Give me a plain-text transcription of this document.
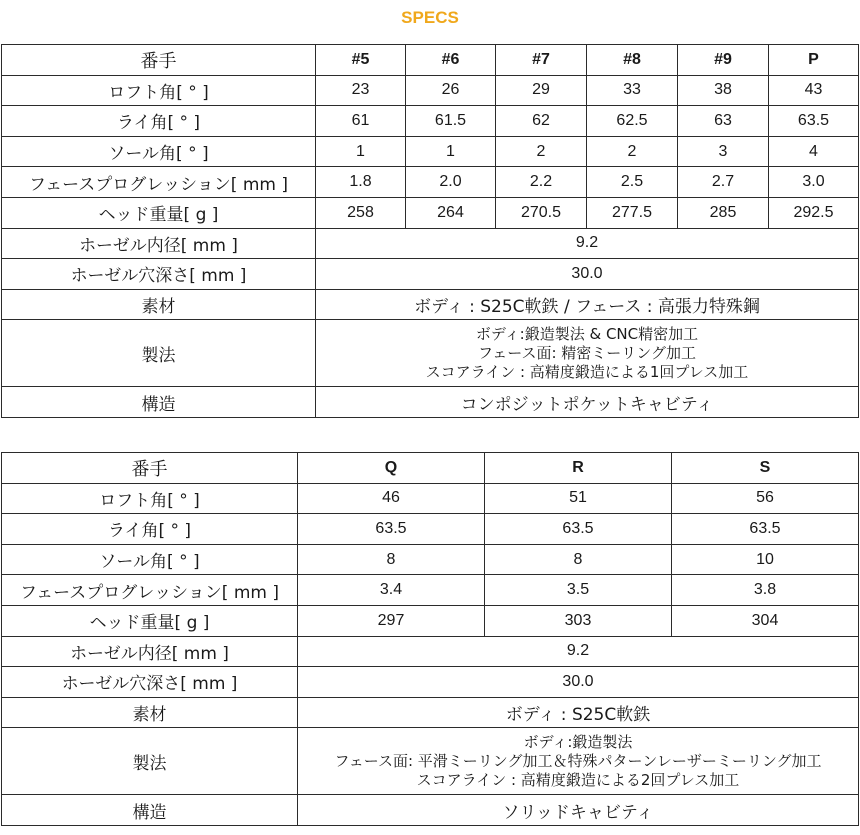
SPECS
番手	#5	#6	#7	#8	#9	P
ロフト角[ ° ]	23	26	29	33	38	43
ライ角[ ° ]	61	61.5	62	62.5	63	63.5
ソール角[ ° ]	1	1	2	2	3	4
フェースプログレッション[ mm ]	1.8	2.0	2.2	2.5	2.7	3.0
ヘッド重量[ g ]	258	264	270.5	277.5	285	292.5
ホーゼル内径[ mm ]	9.2					
ホーゼル穴深さ[ mm ]	30.0					
素材	ボディ : S25C軟鉄 / フェース : 高張力特殊鋼					
製法	ボディ:鍛造製法 & CNC精密加工
フェース面: 精密ミーリング加工
スコアライン : 高精度鍛造による1回プレス加工					

構造	コンポジットポケットキャビティ					
番手	Q	R	S
ロフト角[ ° ]	46	51	56
ライ角[ ° ]	63.5	63.5	63.5
ソール角[ ° ]	8	8	10
フェースプログレッション[ mm ]	3.4	3.5	3.8
ヘッド重量[ g ]	297	303	304
ホーゼル内径[ mm ]	9.2		
ホーゼル穴深さ[ mm ]	30.0		
素材	ボディ : S25C軟鉄		
製法	ボディ:鍛造製法
フェース面: 平滑ミーリング加工＆特殊パターンレーザーミーリング加工
スコアライン : 高精度鍛造による2回プレス加工		

構造	ソリッドキャビティ		
